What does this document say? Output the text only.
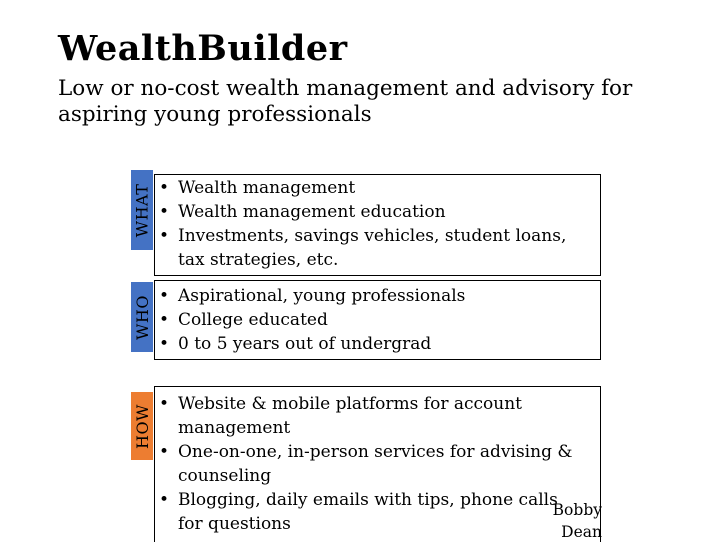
WealthBuilder
Low or no-cost wealth management and advisory for aspiring young professionals
WHAT	• Wealth management
• Wealth management education
• Investments, savings vehicles, student loans, tax strategies, etc.
WHO	• Aspirational, young professionals
• College educated
• 0 to 5 years out of undergrad
HOW	• Website & mobile platforms for account management
• One-on-one, in-person services for advising & counseling
• Blogging, daily emails with tips, phone calls for questions
Bobby
Dean
